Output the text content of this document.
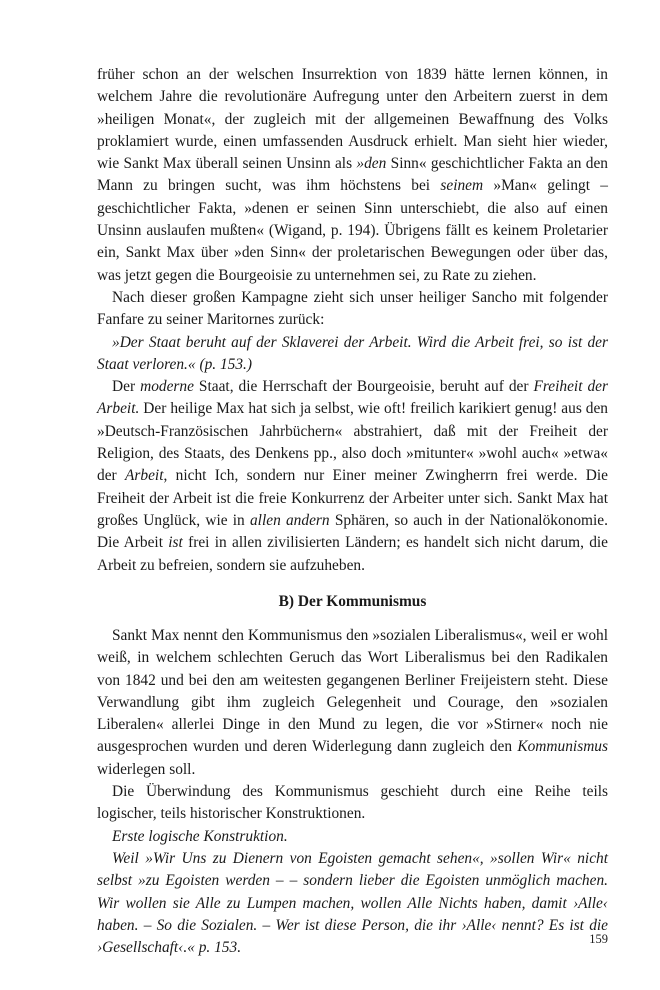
früher schon an der welschen Insurrektion von 1839 hätte lernen können, in welchem Jahre die revolutionäre Aufregung unter den Arbeitern zuerst in dem »heiligen Monat«, der zugleich mit der allgemeinen Bewaffnung des Volks proklamiert wurde, einen umfassenden Ausdruck erhielt. Man sieht hier wieder, wie Sankt Max überall seinen Unsinn als »den Sinn« geschichtlicher Fakta an den Mann zu bringen sucht, was ihm höchstens bei seinem »Man« gelingt – geschichtlicher Fakta, »denen er seinen Sinn unterschiebt, die also auf einen Unsinn auslaufen mußten« (Wigand, p. 194). Übrigens fällt es keinem Proletarier ein, Sankt Max über »den Sinn« der proletarischen Bewegungen oder über das, was jetzt gegen die Bourgeoisie zu unternehmen sei, zu Rate zu ziehen.

Nach dieser großen Kampagne zieht sich unser heiliger Sancho mit folgender Fanfare zu seiner Maritornes zurück:

»Der Staat beruht auf der Sklaverei der Arbeit. Wird die Arbeit frei, so ist der Staat verloren.« (p. 153.)

Der moderne Staat, die Herrschaft der Bourgeoisie, beruht auf der Freiheit der Arbeit. Der heilige Max hat sich ja selbst, wie oft! freilich karikiert genug! aus den »Deutsch-Französischen Jahrbüchern« abstrahiert, daß mit der Freiheit der Religion, des Staats, des Denkens pp., also doch »mitunter« »wohl auch« »etwa« der Arbeit, nicht Ich, sondern nur Einer meiner Zwingherrn frei werde. Die Freiheit der Arbeit ist die freie Konkurrenz der Arbeiter unter sich. Sankt Max hat großes Unglück, wie in allen andern Sphären, so auch in der Nationalökonomie. Die Arbeit ist frei in allen zivilisierten Ländern; es handelt sich nicht darum, die Arbeit zu befreien, sondern sie aufzuheben.

B) Der Kommunismus

Sankt Max nennt den Kommunismus den »sozialen Liberalismus«, weil er wohl weiß, in welchem schlechten Geruch das Wort Liberalismus bei den Radikalen von 1842 und bei den am weitesten gegangenen Berliner Freijeistern steht. Diese Verwandlung gibt ihm zugleich Gelegenheit und Courage, den »sozialen Liberalen« allerlei Dinge in den Mund zu legen, die vor »Stirner« noch nie ausgesprochen wurden und deren Widerlegung dann zugleich den Kommunismus widerlegen soll.

Die Überwindung des Kommunismus geschieht durch eine Reihe teils logischer, teils historischer Konstruktionen.

Erste logische Konstruktion.

Weil »Wir Uns zu Dienern von Egoisten gemacht sehen«, »sollen Wir« nicht selbst »zu Egoisten werden – – sondern lieber die Egoisten unmöglich machen. Wir wollen sie Alle zu Lumpen machen, wollen Alle Nichts haben, damit ›Alle‹ haben. – So die Sozialen. – Wer ist diese Person, die ihr ›Alle‹ nennt? Es ist die ›Gesellschaft‹.« p. 153.

159
